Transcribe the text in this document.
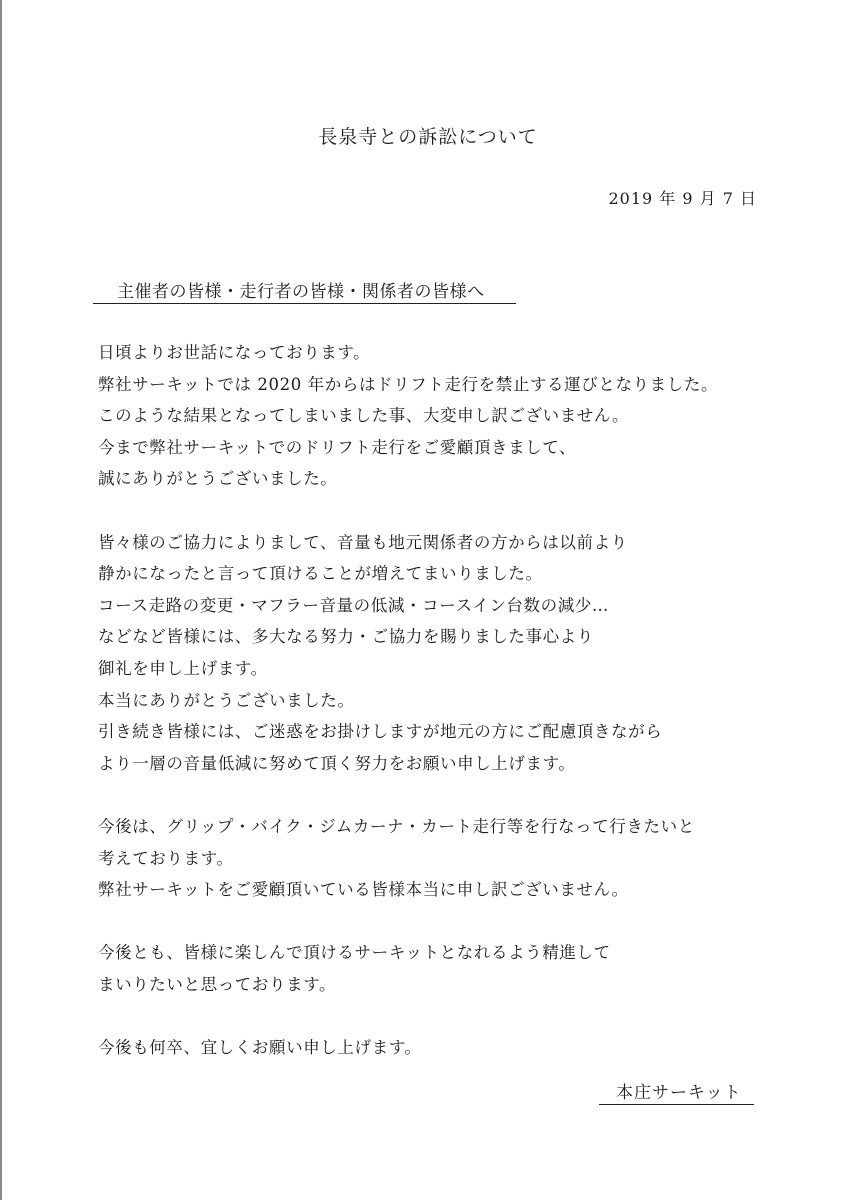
長泉寺との訴訟について
2019 年 9 月 7 日
主催者の皆様・走行者の皆様・関係者の皆様へ

日頃よりお世話になっております。
弊社サーキットでは 2020 年からはドリフト走行を禁止する運びとなりました。
このような結果となってしまいました事、大変申し訳ございません。
今まで弊社サーキットでのドリフト走行をご愛顧頂きまして、
誠にありがとうございました。

皆々様のご協力によりまして、音量も地元関係者の方からは以前より
静かになったと言って頂けることが増えてまいりました。
コース走路の変更・マフラー音量の低減・コースイン台数の減少…
などなど皆様には、多大なる努力・ご協力を賜りました事心より
御礼を申し上げます。
本当にありがとうございました。
引き続き皆様には、ご迷惑をお掛けしますが地元の方にご配慮頂きながら
より一層の音量低減に努めて頂く努力をお願い申し上げます。

今後は、グリップ・バイク・ジムカーナ・カート走行等を行なって行きたいと
考えております。
弊社サーキットをご愛顧頂いている皆様本当に申し訳ございません。

今後とも、皆様に楽しんで頂けるサーキットとなれるよう精進して
まいりたいと思っております。

今後も何卒、宜しくお願い申し上げます。

本庄サーキット
